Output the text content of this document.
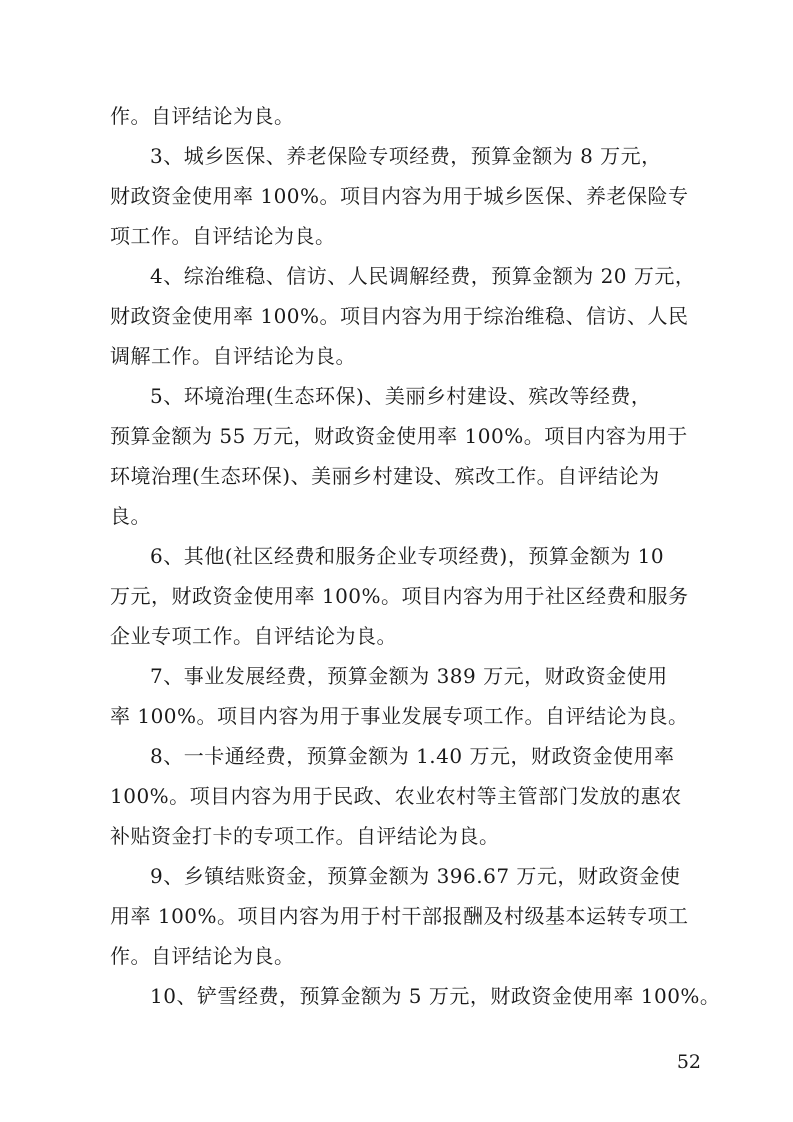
作。自评结论为良。
3、城乡医保、养老保险专项经费，预算金额为 8 万元，
财政资金使用率 100%。项目内容为用于城乡医保、养老保险专
项工作。自评结论为良。
4、综治维稳、信访、人民调解经费，预算金额为 20 万元，
财政资金使用率 100%。项目内容为用于综治维稳、信访、人民
调解工作。自评结论为良。
5、环境治理(生态环保)、美丽乡村建设、殡改等经费，
预算金额为 55 万元，财政资金使用率 100%。项目内容为用于
环境治理(生态环保)、美丽乡村建设、殡改工作。自评结论为
良。
6、其他(社区经费和服务企业专项经费)，预算金额为 10
万元，财政资金使用率 100%。项目内容为用于社区经费和服务
企业专项工作。自评结论为良。
7、事业发展经费，预算金额为 389 万元，财政资金使用
率 100%。项目内容为用于事业发展专项工作。自评结论为良。
8、一卡通经费，预算金额为 1.40 万元，财政资金使用率
100%。项目内容为用于民政、农业农村等主管部门发放的惠农
补贴资金打卡的专项工作。自评结论为良。
9、乡镇结账资金，预算金额为 396.67 万元，财政资金使
用率 100%。项目内容为用于村干部报酬及村级基本运转专项工
作。自评结论为良。
10、铲雪经费，预算金额为 5 万元，财政资金使用率 100%。
52
